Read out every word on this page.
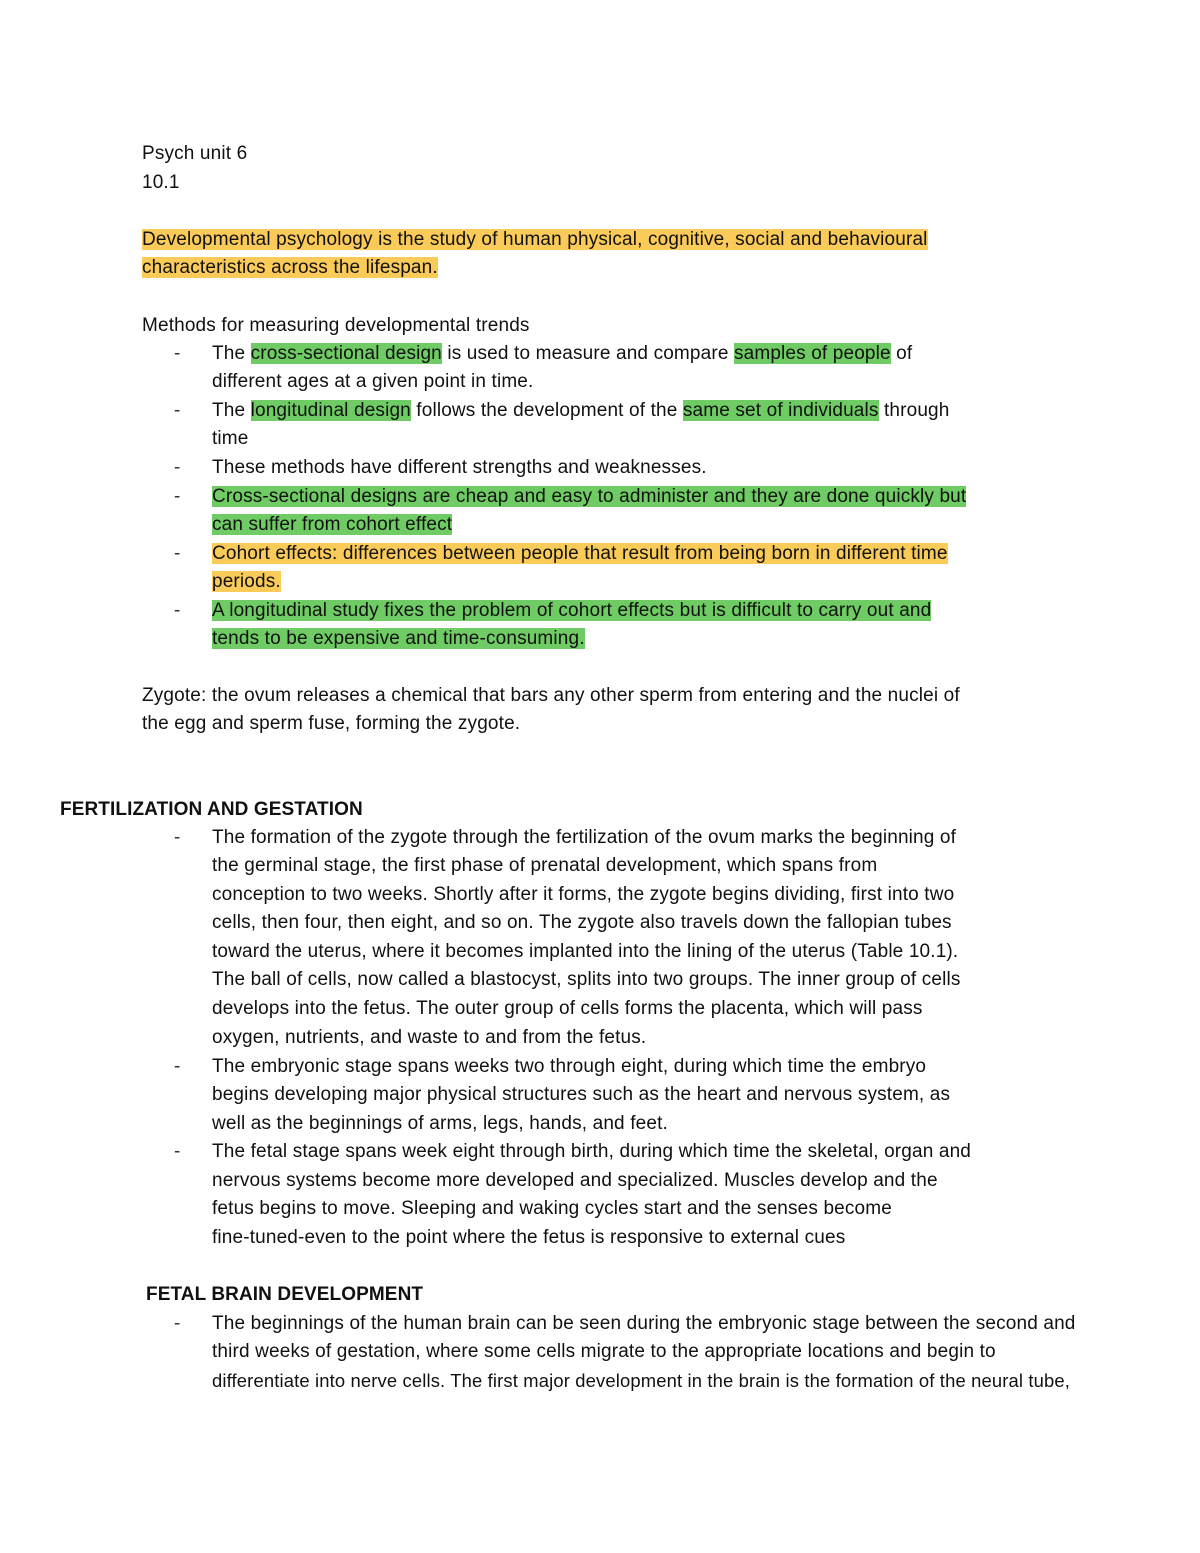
Psych unit 6
10.1
Developmental psychology is the study of human physical, cognitive, social and behavioural
characteristics across the lifespan.
Methods for measuring developmental trends
- The cross-sectional design is used to measure and compare samples of people of
different ages at a given point in time.
- The longitudinal design follows the development of the same set of individuals through
time
- These methods have different strengths and weaknesses.
- Cross-sectional designs are cheap and easy to administer and they are done quickly but
can suffer from cohort effect
- Cohort effects: differences between people that result from being born in different time
periods.
- A longitudinal study fixes the problem of cohort effects but is difficult to carry out and
tends to be expensive and time-consuming.
Zygote: the ovum releases a chemical that bars any other sperm from entering and the nuclei of
the egg and sperm fuse, forming the zygote.
FERTILIZATION AND GESTATION
- The formation of the zygote through the fertilization of the ovum marks the beginning of
the germinal stage, the first phase of prenatal development, which spans from
conception to two weeks. Shortly after it forms, the zygote begins dividing, first into two
cells, then four, then eight, and so on. The zygote also travels down the fallopian tubes
toward the uterus, where it becomes implanted into the lining of the uterus (Table 10.1).
The ball of cells, now called a blastocyst, splits into two groups. The inner group of cells
develops into the fetus. The outer group of cells forms the placenta, which will pass
oxygen, nutrients, and waste to and from the fetus.
- The embryonic stage spans weeks two through eight, during which time the embryo
begins developing major physical structures such as the heart and nervous system, as
well as the beginnings of arms, legs, hands, and feet.
- The fetal stage spans week eight through birth, during which time the skeletal, organ and
nervous systems become more developed and specialized. Muscles develop and the
fetus begins to move. Sleeping and waking cycles start and the senses become
fine-tuned-even to the point where the fetus is responsive to external cues
FETAL BRAIN DEVELOPMENT
- The beginnings of the human brain can be seen during the embryonic stage between the second and
third weeks of gestation, where some cells migrate to the appropriate locations and begin to
differentiate into nerve cells. The first major development in the brain is the formation of the neural tube,
